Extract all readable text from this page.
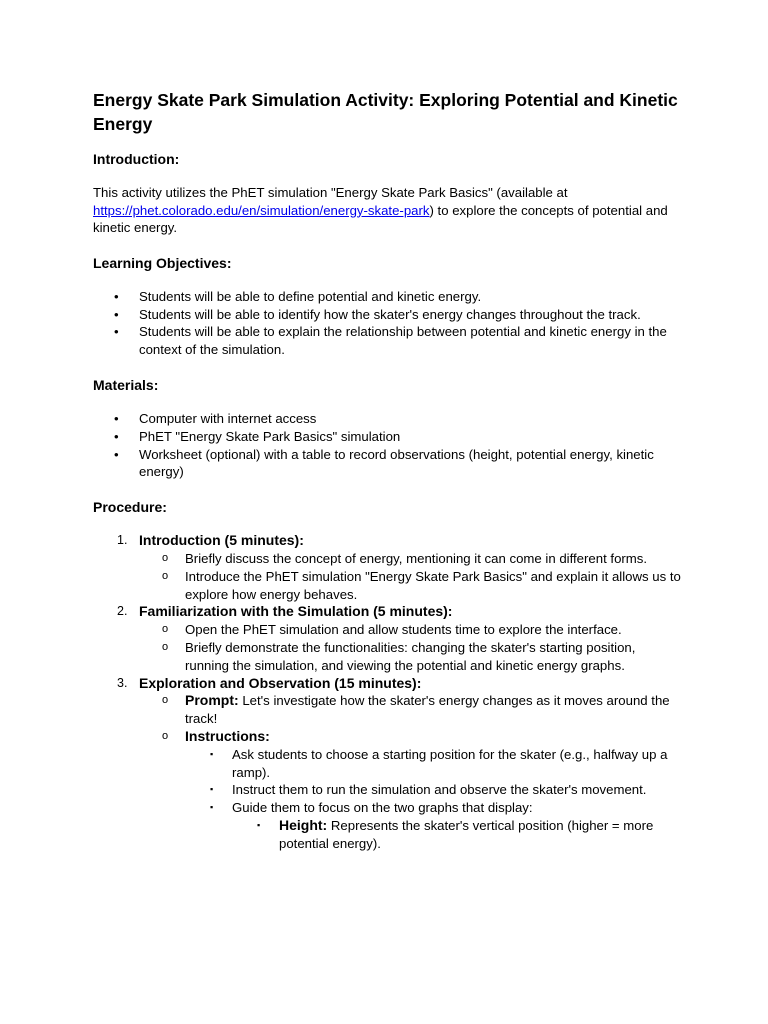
Energy Skate Park Simulation Activity: Exploring Potential and Kinetic Energy
Introduction:

This activity utilizes the PhET simulation "Energy Skate Park Basics" (available at https://phet.colorado.edu/en/simulation/energy-skate-park) to explore the concepts of potential and kinetic energy.

Learning Objectives:
• Students will be able to define potential and kinetic energy.
• Students will be able to identify how the skater's energy changes throughout the track.
• Students will be able to explain the relationship between potential and kinetic energy in the context of the simulation.
Materials:
• Computer with internet access
• PhET "Energy Skate Park Basics" simulation
• Worksheet (optional) with a table to record observations (height, potential energy, kinetic energy)
Procedure:
1. Introduction (5 minutes):
o Briefly discuss the concept of energy, mentioning it can come in different forms.
o Introduce the PhET simulation "Energy Skate Park Basics" and explain it allows us to explore how energy behaves.
2. Familiarization with the Simulation (5 minutes):
o Open the PhET simulation and allow students time to explore the interface.
o Briefly demonstrate the functionalities: changing the skater's starting position, running the simulation, and viewing the potential and kinetic energy graphs.
3. Exploration and Observation (15 minutes):
o Prompt: Let's investigate how the skater's energy changes as it moves around the track!
o Instructions:
▪ Ask students to choose a starting position for the skater (e.g., halfway up a ramp).
▪ Instruct them to run the simulation and observe the skater's movement.
▪ Guide them to focus on the two graphs that display:
▪ Height: Represents the skater's vertical position (higher = more potential energy).
